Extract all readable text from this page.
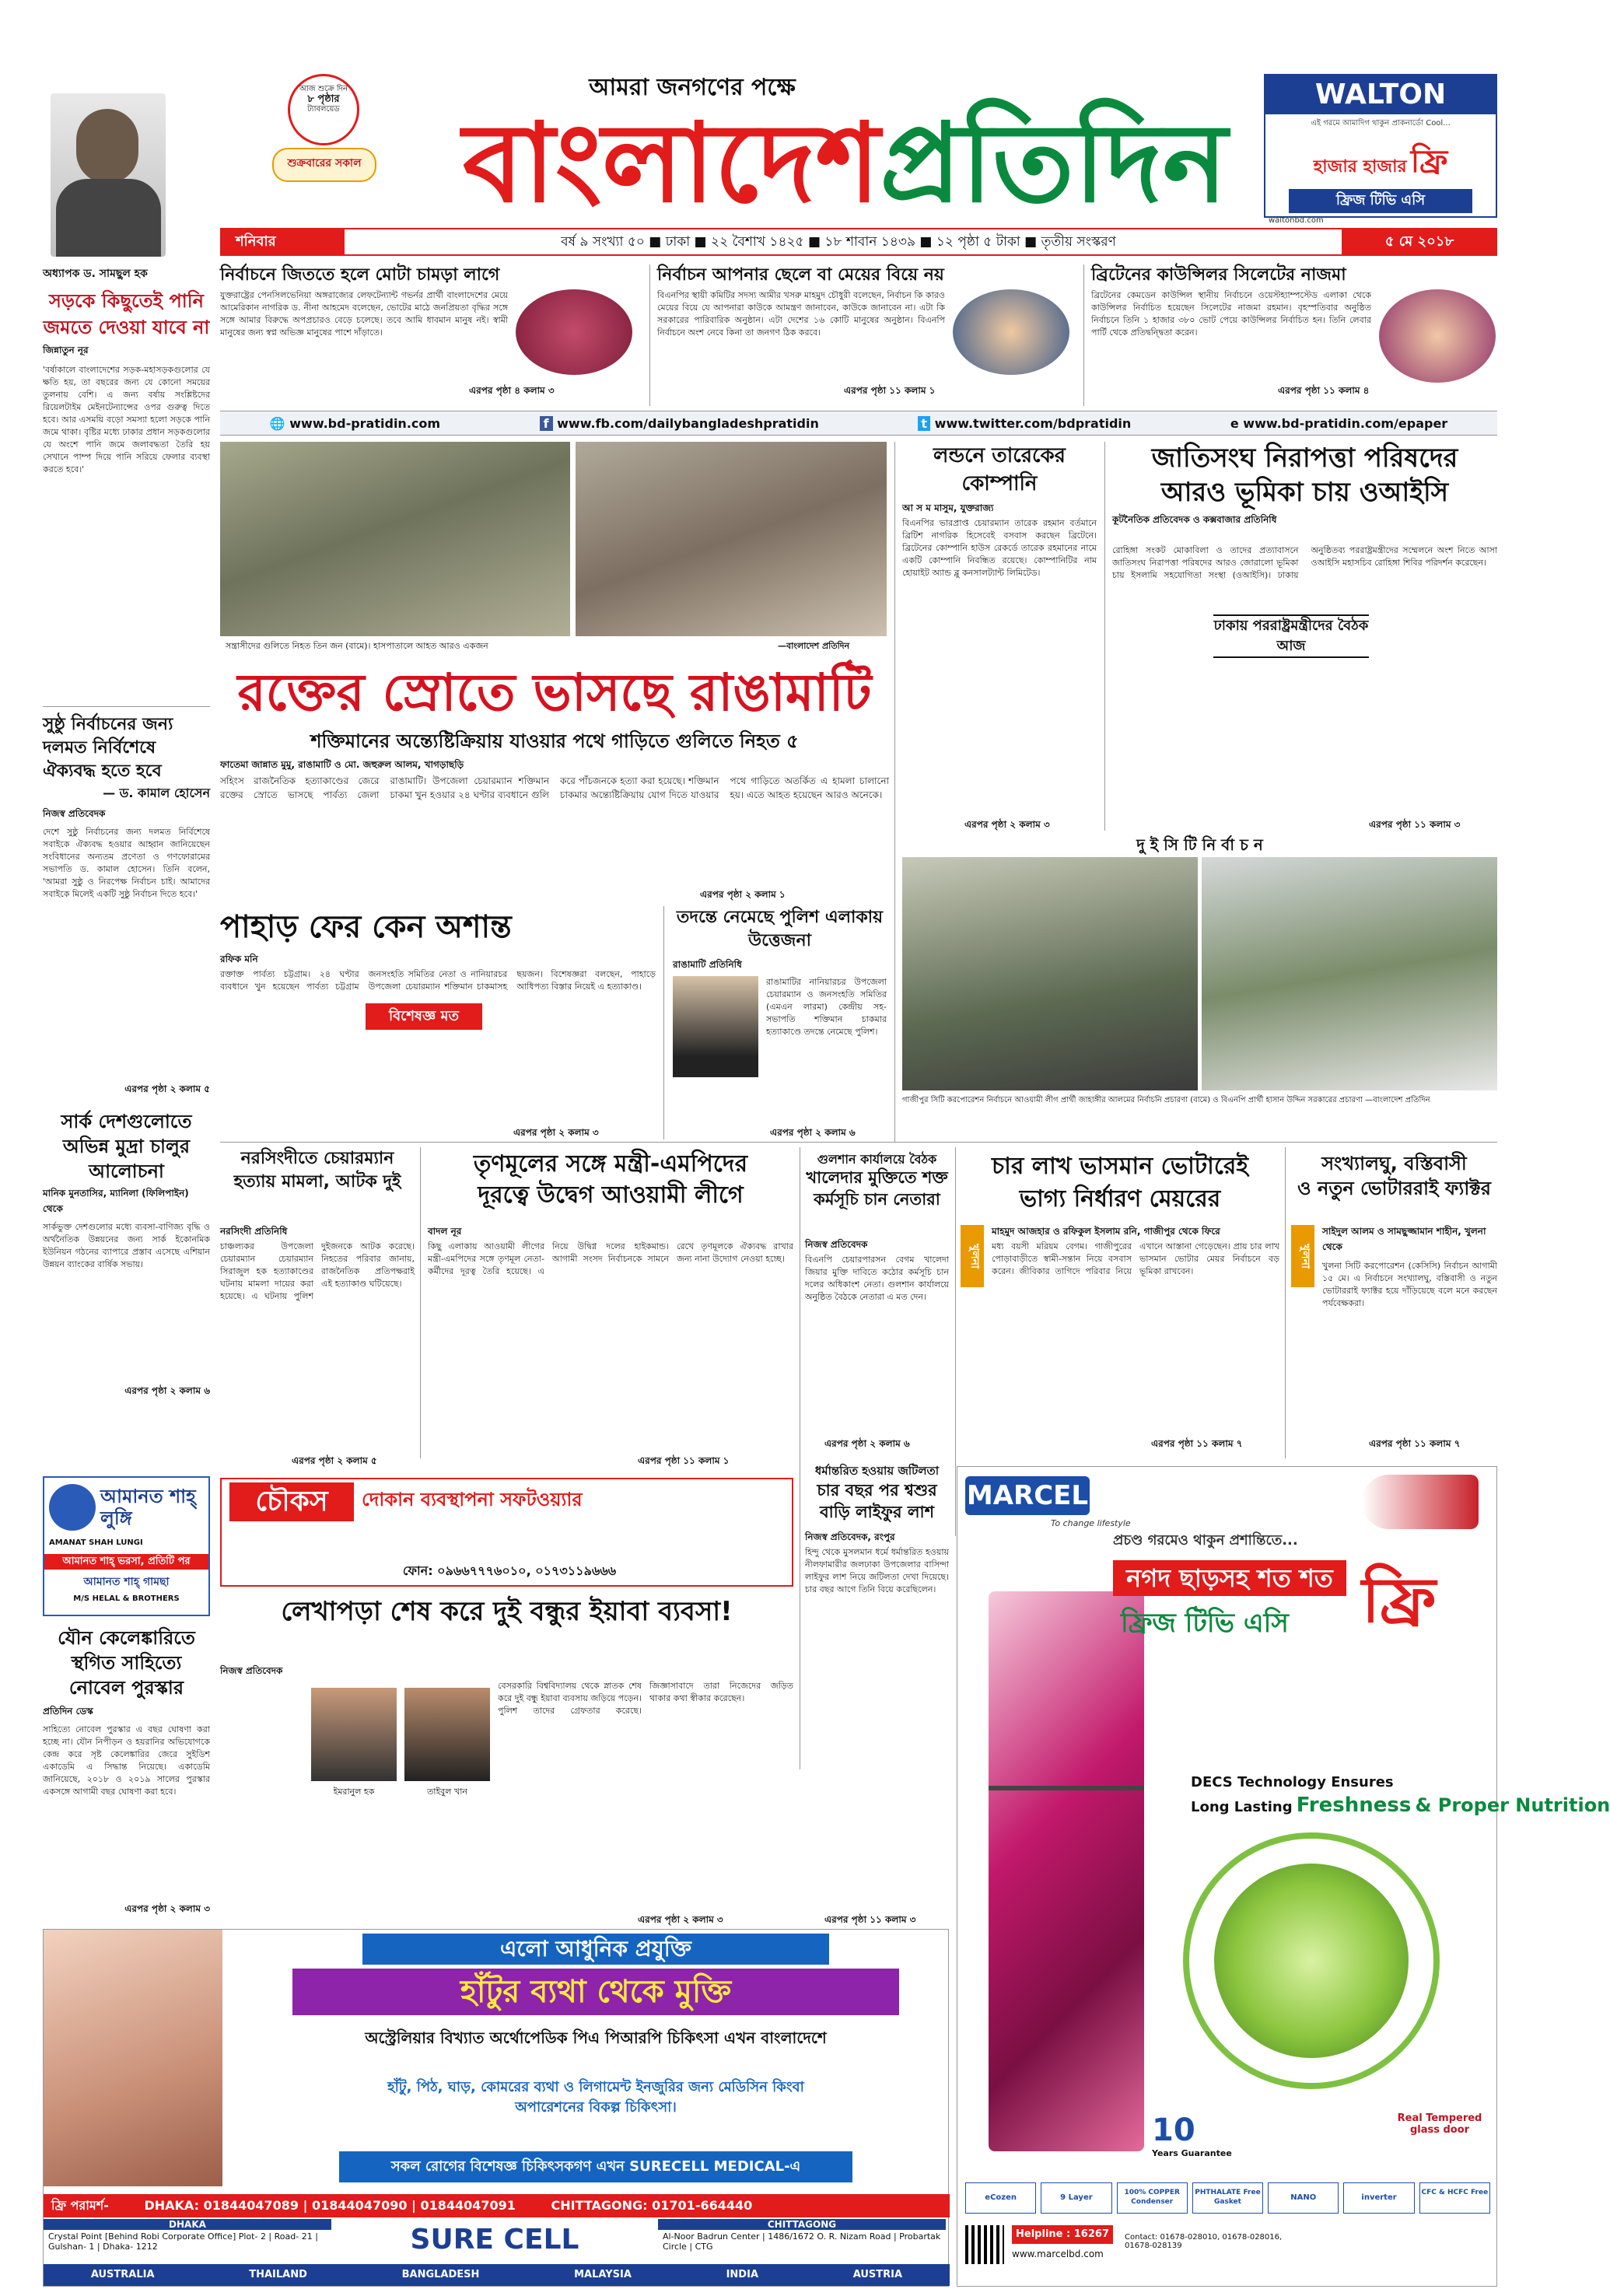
আজ শুক্রে দিন
৮ পৃষ্ঠার
ট্যাবলয়েড
শুক্রবারের সকাল
আমরা জনগণের পক্ষে
বাংলাদেশপ্রতিদিন
WALTON
এই গরমে আমাদিগ থাকুন প্রাকনার্ডো Cool...
হাজার হাজার ফ্রি
ফ্রিজ টিভি এসি
waltonbd.com
শনিবার	বর্ষ ৯ সংখ্যা ৫০ ■ ঢাকা ■ ২২ বৈশাখ ১৪২৫ ■ ১৮ শাবান ১৪৩৯ ■ ১২ পৃষ্ঠা ৫ টাকা ■ তৃতীয় সংস্করণ	৫ মে ২০১৮
নির্বাচনে জিততে হলে মোটা চামড়া লাগে
যুক্তরাষ্ট্রের পেনসিলভেনিয়া অঙ্গরাজ্যের লেফটেন্যান্ট গভর্নর প্রার্থী বাংলাদেশের মেয়ে আমেরিকান নাগরিক ড. নীনা আহমেদ বলেছেন, ভোটের মাঠে জনপ্রিয়তা বৃদ্ধির সঙ্গে সঙ্গে আমার বিরুদ্ধে অপপ্রচারও বেড়ে চলেছে। তবে আমি ধাবমান মানুষ নই। স্বামী মানুষের জন্য স্বপ্ন অভিজ্ঞ মানুষের পাশে দাঁড়াতে।
এরপর পৃষ্ঠা ৪ কলাম ৩
নির্বাচন আপনার ছেলে বা মেয়ের বিয়ে নয়
বিএনপির স্থায়ী কমিটির সদস্য আমীর খসরু মাহমুদ চৌধুরী বলেছেন, নির্বাচন কি কারও মেয়ের বিয়ে যে আপনারা কাউকে আমন্ত্রণ জানাবেন, কাউকে জানাবেন না। এটা কি সরকারের পারিবারিক অনুষ্ঠান। এটা দেশের ১৬ কোটি মানুষের অনুষ্ঠান। বিএনপি নির্বাচনে অংশ নেবে কিনা তা জনগণ ঠিক করবে।
এরপর পৃষ্ঠা ১১ কলাম ১
ব্রিটেনের কাউন্সিলর সিলেটের নাজমা
ব্রিটেনের কেমডেন কাউন্সিল স্থানীয় নির্বাচনে ওয়েস্টহ্যাম্পস্টেড এলাকা থেকে কাউন্সিলর নির্বাচিত হয়েছেন সিলেটের নাজমা রহমান। বৃহস্পতিবার অনুষ্ঠিত নির্বাচনে তিনি ১ হাজার ৩৮০ ভোট পেয়ে কাউন্সিলর নির্বাচিত হন। তিনি লেবার পার্টি থেকে প্রতিদ্বন্দ্বিতা করেন।
এরপর পৃষ্ঠা ১১ কলাম ৪
🌐 www.bd-pratidin.com	f www.fb.com/dailybangladeshpratidin	t www.twitter.com/bdpratidin	e www.bd-pratidin.com/epaper
অধ্যাপক ড. সামছুল হক
সড়কে কিছুতেই পানি জমতে দেওয়া যাবে না
জিন্নাতুন নূর
'বর্ষাকালে বাংলাদেশের সড়ক-মহাসড়কগুলোর যে ক্ষতি হয়, তা বছরের জন্য যে কোনো সময়ের তুলনায় বেশি। এ জন্য বর্ষায় সংশ্লিষ্টদের রিয়েলটাইম মেইনটেন্যান্সের ওপর গুরুত্ব দিতে হবে। আর এসময়ি বড়ো সমস্যা হলো সড়কে পানি জমে থাকা। বৃষ্টির মধ্যে ঢাকার প্রধান সড়কগুলোর যে অংশে পানি জমে জলাবদ্ধতা তৈরি হয় সেখানে পাম্প দিয়ে পানি সরিয়ে ফেলার ব্যবস্থা করতে হবে।'
সুষ্ঠু নির্বাচনের জন্য দলমত নির্বিশেষে ঐক্যবদ্ধ হতে হবে
— ড. কামাল হোসেন
নিজস্ব প্রতিবেদক
দেশে সুষ্ঠু নির্বাচনের জন্য দলমত নির্বিশেষে সবাইকে ঐক্যবদ্ধ হওয়ার আহ্বান জানিয়েছেন সংবিধানের অন্যতম প্রণেতা ও গণফোরামের সভাপতি ড. কামাল হোসেন। তিনি বলেন, 'আমরা সুষ্ঠু ও নিরপেক্ষ নির্বাচন চাই। আমাদের সবাইকে মিলেই একটি সুষ্ঠু নির্বাচন দিতে হবে।'
এরপর পৃষ্ঠা ২ কলাম ৫
সার্ক দেশগুলোতে অভিন্ন মুদ্রা চালুর আলোচনা
মানিক মুনতাসির, ম্যানিলা (ফিলিপাইন) থেকে
সার্কভুক্ত দেশগুলোর মধ্যে ব্যবসা-বাণিজ্য বৃদ্ধি ও অর্থনৈতিক উন্নয়নের জন্য সার্ক ইকোনমিক ইউনিয়ন গঠনের ব্যাপারে প্রস্তাব এসেছে এশিয়ান উন্নয়ন ব্যাংকের বার্ষিক সভায়।
এরপর পৃষ্ঠা ২ কলাম ৬
আমানত শাহ্ লুঙ্গি
AMANAT SHAH LUNGI
আমানত শাহ্ ভরসা, প্রতিটি পর
আমানত শাহ্ গামছা
M/S HELAL & BROTHERS
যৌন কেলেঙ্কারিতে স্থগিত সাহিত্যে নোবেল পুরস্কার
প্রতিদিন ডেস্ক
সাহিত্যে নোবেল পুরস্কার এ বছর ঘোষণা করা হচ্ছে না। যৌন নিপীড়ন ও হয়রানির অভিযোগকে কেন্দ্র করে সৃষ্ট কেলেঙ্কারির জেরে সুইডিশ একাডেমি এ সিদ্ধান্ত নিয়েছে। একাডেমি জানিয়েছে, ২০১৮ ও ২০১৯ সালের পুরস্কার একসঙ্গে আগামী বছর ঘোষণা করা হবে।
এরপর পৃষ্ঠা ২ কলাম ৩
সন্ত্রাসীদের গুলিতে নিহত তিন জন (বামে)। হাসপাতালে আহত আরও একজন	—বাংলাদেশ প্রতিদিন
রক্তের স্রোতে ভাসছে রাঙামাটি
শক্তিমানের অন্ত্যেষ্টিক্রিয়ায় যাওয়ার পথে গাড়িতে গুলিতে নিহত ৫
ফাতেমা জান্নাত মুমু, রাঙামাটি ও মো. জহুরুল আলম, খাগড়াছড়ি
সহিংস রাজনৈতিক হত্যাকাণ্ডের জেরে রক্তের স্রোতে ভাসছে পার্বত্য জেলা রাঙামাটি। উপজেলা চেয়ারম্যান শক্তিমান চাকমা খুন হওয়ার ২৪ ঘণ্টার ব্যবধানে গুলি করে পাঁচজনকে হত্যা করা হয়েছে। শক্তিমান চাকমার অন্ত্যেষ্টিক্রিয়ায় যোগ দিতে যাওয়ার পথে গাড়িতে অতর্কিত এ হামলা চালানো হয়। এতে আহত হয়েছেন আরও অনেকে।
এরপর পৃষ্ঠা ২ কলাম ১
পাহাড় ফের কেন অশান্ত
রফিক মনি
রক্তাক্ত পার্বত্য চট্টগ্রাম। ২৪ ঘণ্টার ব্যবধানে খুন হয়েছেন পার্বত্য চট্টগ্রাম জনসংহতি সমিতির নেতা ও নানিয়ারচর উপজেলা চেয়ারম্যান শক্তিমান চাকমাসহ ছয়জন। বিশেষজ্ঞরা বলছেন, পাহাড়ে আধিপত্য বিস্তার নিয়েই এ হত্যাকাণ্ড।
বিশেষজ্ঞ মত
এরপর পৃষ্ঠা ২ কলাম ৩
তদন্তে নেমেছে পুলিশ এলাকায় উত্তেজনা
রাঙামাটি প্রতিনিধি
রাঙামাটির নানিয়ারচর উপজেলা চেয়ারম্যান ও জনসংহতি সমিতির (এমএন লারমা) কেন্দ্রীয় সহ-সভাপতি শক্তিমান চাকমার হত্যাকাণ্ডে তদন্তে নেমেছে পুলিশ।
এরপর পৃষ্ঠা ২ কলাম ৬
লন্ডনে তারেকের কোম্পানি
আ স ম মাসুম, যুক্তরাজ্য
বিএনপির ভারপ্রাপ্ত চেয়ারম্যান তারেক রহমান বর্তমানে ব্রিটিশ নাগরিক হিসেবেই বসবাস করছেন ব্রিটেনে। ব্রিটেনের কোম্পানি হাউস রেকর্ডে তারেক রহমানের নামে একটি কোম্পানি নিবন্ধিত রয়েছে। কোম্পানিটির নাম হোয়াইট অ্যান্ড ব্লু কনসালট্যান্ট লিমিটেড।
এরপর পৃষ্ঠা ২ কলাম ৩
জাতিসংঘ নিরাপত্তা পরিষদের
আরও ভূমিকা চায় ওআইসি
কূটনৈতিক প্রতিবেদক ও কক্সবাজার প্রতিনিধি
রোহিঙ্গা সংকট মোকাবিলা ও তাদের প্রত্যাবাসনে জাতিসংঘ নিরাপত্তা পরিষদের আরও জোরালো ভূমিকা চায় ইসলামি সহযোগিতা সংস্থা (ওআইসি)। ঢাকায় অনুষ্ঠিতব্য পররাষ্ট্রমন্ত্রীদের সম্মেলনে অংশ নিতে আসা ওআইসি মহাসচিব রোহিঙ্গা শিবির পরিদর্শন করেছেন।
ঢাকায় পররাষ্ট্রমন্ত্রীদের বৈঠক আজ
এরপর পৃষ্ঠা ১১ কলাম ৩
দু ই সি টি নি র্বা চ ন
গাজীপুর সিটি করপোরেশন নির্বাচনে আওয়ামী লীগ প্রার্থী জাহাঙ্গীর আলমের নির্বাচনি প্রচারণা (বামে) ও বিএনপি প্রার্থী হাসান উদ্দিন সরকারের প্রচারণা —বাংলাদেশ প্রতিদিন
নরসিংদীতে চেয়ারম্যান হত্যায় মামলা, আটক দুই
নরসিংদী প্রতিনিধি
চাঞ্চল্যকর উপজেলা চেয়ারম্যান চেয়ারম্যান সিরাজুল হক হত্যাকাণ্ডের ঘটনায় মামলা দায়ের করা হয়েছে। এ ঘটনায় পুলিশ দুইজনকে আটক করেছে। নিহতের পরিবার জানায়, রাজনৈতিক প্রতিপক্ষরাই এই হত্যাকাণ্ড ঘটিয়েছে।
এরপর পৃষ্ঠা ২ কলাম ৫
তৃণমূলের সঙ্গে মন্ত্রী-এমপিদের
দূরত্বে উদ্বেগ আওয়ামী লীগে
বাদল নূর
কিছু এলাকায় আওয়ামী লীগের মন্ত্রী-এমপিদের সঙ্গে তৃণমূল নেতা-কর্মীদের দূরত্ব তৈরি হয়েছে। এ নিয়ে উদ্বিগ্ন দলের হাইকমান্ড। আগামী সংসদ নির্বাচনকে সামনে রেখে তৃণমূলকে ঐক্যবদ্ধ রাখার জন্য নানা উদ্যোগ নেওয়া হচ্ছে।
এরপর পৃষ্ঠা ১১ কলাম ১
গুলশান কার্যালয়ে বৈঠক
খালেদার মুক্তিতে শক্ত কর্মসূচি চান নেতারা
নিজস্ব প্রতিবেদক
বিএনপি চেয়ারপারসন বেগম খালেদা জিয়ার মুক্তি দাবিতে কঠোর কর্মসূচি চান দলের অধিকাংশ নেতা। গুলশান কার্যালয়ে অনুষ্ঠিত বৈঠকে নেতারা এ মত দেন।
এরপর পৃষ্ঠা ২ কলাম ৬
ধর্মান্তরিত হওয়ায় জটিলতা
চার বছর পর শ্বশুর বাড়ি লাইফুর লাশ
নিজস্ব প্রতিবেদক, রংপুর
হিন্দু থেকে মুসলমান ধর্মে ধর্মান্তরিত হওয়ায় নীলফামারীর জলঢাকা উপজেলার বাসিন্দা লাইফুর লাশ নিয়ে জটিলতা দেখা দিয়েছে। চার বছর আগে তিনি বিয়ে করেছিলেন।
এরপর পৃষ্ঠা ১১ কলাম ৩
চৌকস	দোকান ব্যবস্থাপনা সফটওয়্যার
ফোন: ০৯৬৬৭৭৭৬০১০, ০১৭৩১১৯৬৬৬
লেখাপড়া শেষ করে দুই বন্ধুর ইয়াবা ব্যবসা!
নিজস্ব প্রতিবেদক
ইমরানুল হক	তাইবুল খান
বেসরকারি বিশ্ববিদ্যালয় থেকে স্নাতক শেষ করে দুই বন্ধু ইয়াবা ব্যবসায় জড়িয়ে পড়েন। পুলিশ তাদের গ্রেফতার করেছে। জিজ্ঞাসাবাদে তারা নিজেদের জড়িত থাকার কথা স্বীকার করেছেন।
এরপর পৃষ্ঠা ২ কলাম ৩
চার লাখ ভাসমান ভোটারেই
ভাগ্য নির্ধারণ মেয়রের
খুলনা
মাহমুদ আজহার ও রফিকুল ইসলাম রনি, গাজীপুর থেকে ফিরে
মধ্য বয়সী মরিয়ম বেগম। গাজীপুরের পোড়াবাড়ীতে স্বামী-সন্তান নিয়ে বসবাস করেন। জীবিকার তাগিদে পরিবার নিয়ে এখানে আস্তানা গেড়েছেন। প্রায় চার লাখ ভাসমান ভোটার মেয়র নির্বাচনে বড় ভূমিকা রাখবেন।
এরপর পৃষ্ঠা ১১ কলাম ৭
সংখ্যালঘু, বস্তিবাসী
ও নতুন ভোটাররাই ফ্যাক্টর
খুলনা
সাইদুল আলম ও সামছুজ্জামান শাহীন, খুলনা থেকে
খুলনা সিটি করপোরেশন (কেসিসি) নির্বাচন আগামী ১৫ মে। এ নির্বাচনে সংখ্যালঘু, বস্তিবাসী ও নতুন ভোটাররাই ফ্যাক্টর হয়ে দাঁড়িয়েছে বলে মনে করছেন পর্যবেক্ষকরা।
এরপর পৃষ্ঠা ১১ কলাম ৭
MARCEL
To change lifestyle
প্রচণ্ড গরমেও থাকুন প্রশান্তিতে...
নগদ ছাড়সহ শত শত
ফ্রিজ টিভি এসি ফ্রি
DECS Technology Ensures
Long Lasting Freshness & Proper Nutrition
10
Years Guarantee
Real Tempered glass door
eCozen	9 Layer
100% COPPER Condenser
PHTHALATE Free Gasket	NANO	inverter
CFC & HCFC Free
Helpline : 16267
www.marcelbd.com
Contact: 01678-028010, 01678-028016, 01678-028139
এলো আধুনিক প্রযুক্তি
হাঁটুর ব্যথা থেকে মুক্তি
অস্ট্রেলিয়ার বিখ্যাত অর্থোপেডিক পিএ পিআরপি চিকিৎসা এখন বাংলাদেশে
হাঁটু, পিঠ, ঘাড়, কোমরের ব্যথা ও লিগামেন্ট ইনজুরির জন্য মেডিসিন কিংবা অপারেশনের বিকল্প চিকিৎসা।
সকল রোগের বিশেষজ্ঞ চিকিৎসকগণ এখন SURECELL MEDICAL-এ
ফ্রি পরামর্শ-	DHAKA: 01844047089 | 01844047090 | 01844047091	CHITTAGONG: 01701-664440
DHAKA
Crystal Point [Behind Robi Corporate Office] Plot- 2 | Road- 21 | Gulshan- 1 | Dhaka- 1212	SURE CELL	CHITTAGONG
Al-Noor Badrun Center | 1486/1672 O. R. Nizam Road | Probartak Circle | CTG
AUSTRALIA	THAILAND	BANGLADESH	MALAYSIA	INDIA	AUSTRIA
